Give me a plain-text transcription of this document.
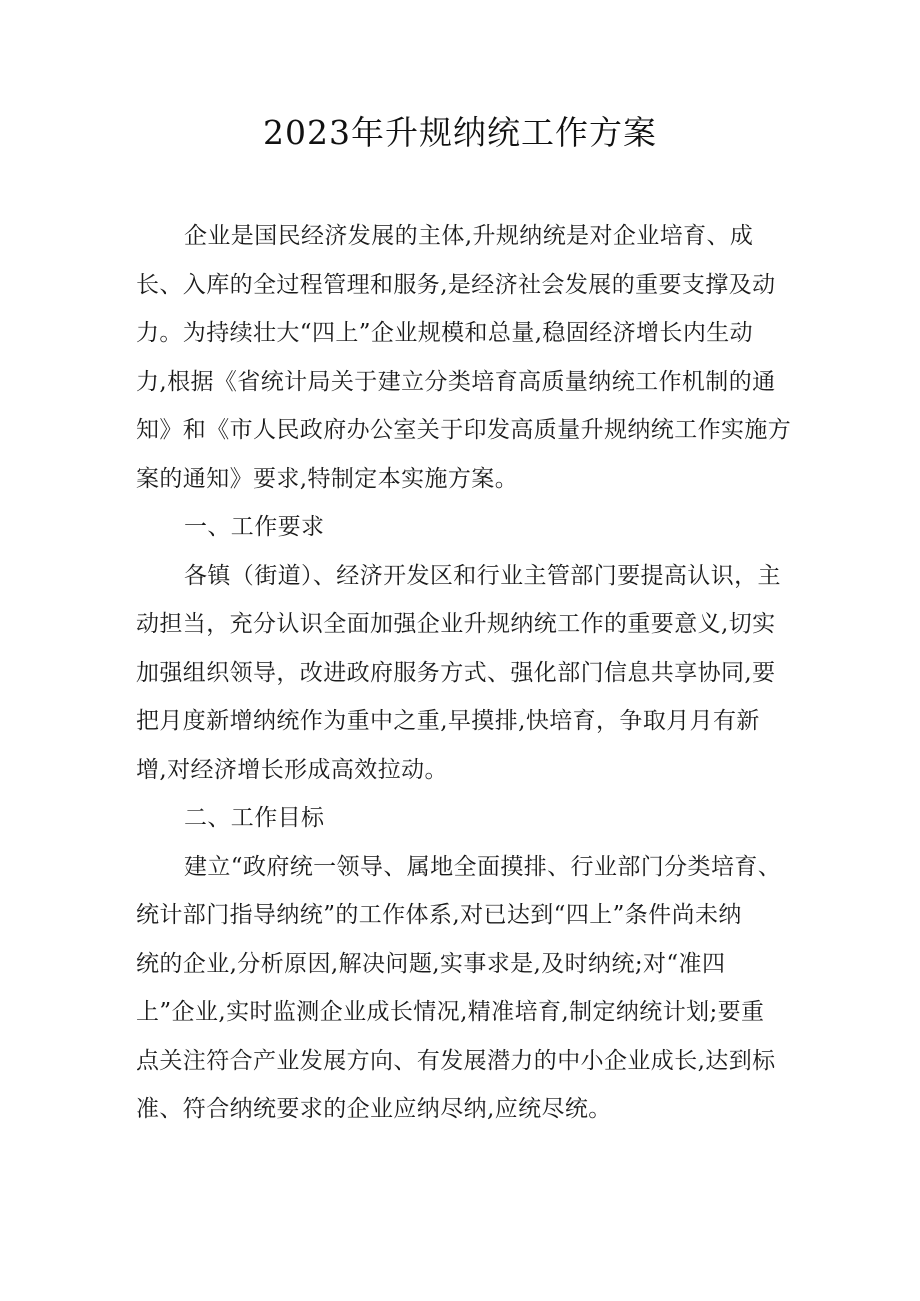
2023年升规纳统工作方案

企业是国民经济发展的主体,升规纳统是对企业培育、成
长、入库的全过程管理和服务,是经济社会发展的重要支撑及动
力。为持续壮大“四上”企业规模和总量,稳固经济增长内生动
力,根据《省统计局关于建立分类培育高质量纳统工作机制的通
知》和《市人民政府办公室关于印发高质量升规纳统工作实施方
案的通知》要求,特制定本实施方案。

一、工作要求

各镇（街道）、经济开发区和行业主管部门要提高认识，主
动担当，充分认识全面加强企业升规纳统工作的重要意义,切实
加强组织领导，改进政府服务方式、强化部门信息共享协同,要
把月度新增纳统作为重中之重,早摸排,快培育，争取月月有新
增,对经济增长形成高效拉动。

二、工作目标

建立“政府统一领导、属地全面摸排、行业部门分类培育、
统计部门指导纳统”的工作体系,对已达到“四上”条件尚未纳
统的企业,分析原因,解决问题,实事求是,及时纳统;对“准四
上”企业,实时监测企业成长情况,精准培育,制定纳统计划;要重
点关注符合产业发展方向、有发展潜力的中小企业成长,达到标
准、符合纳统要求的企业应纳尽纳,应统尽统。
